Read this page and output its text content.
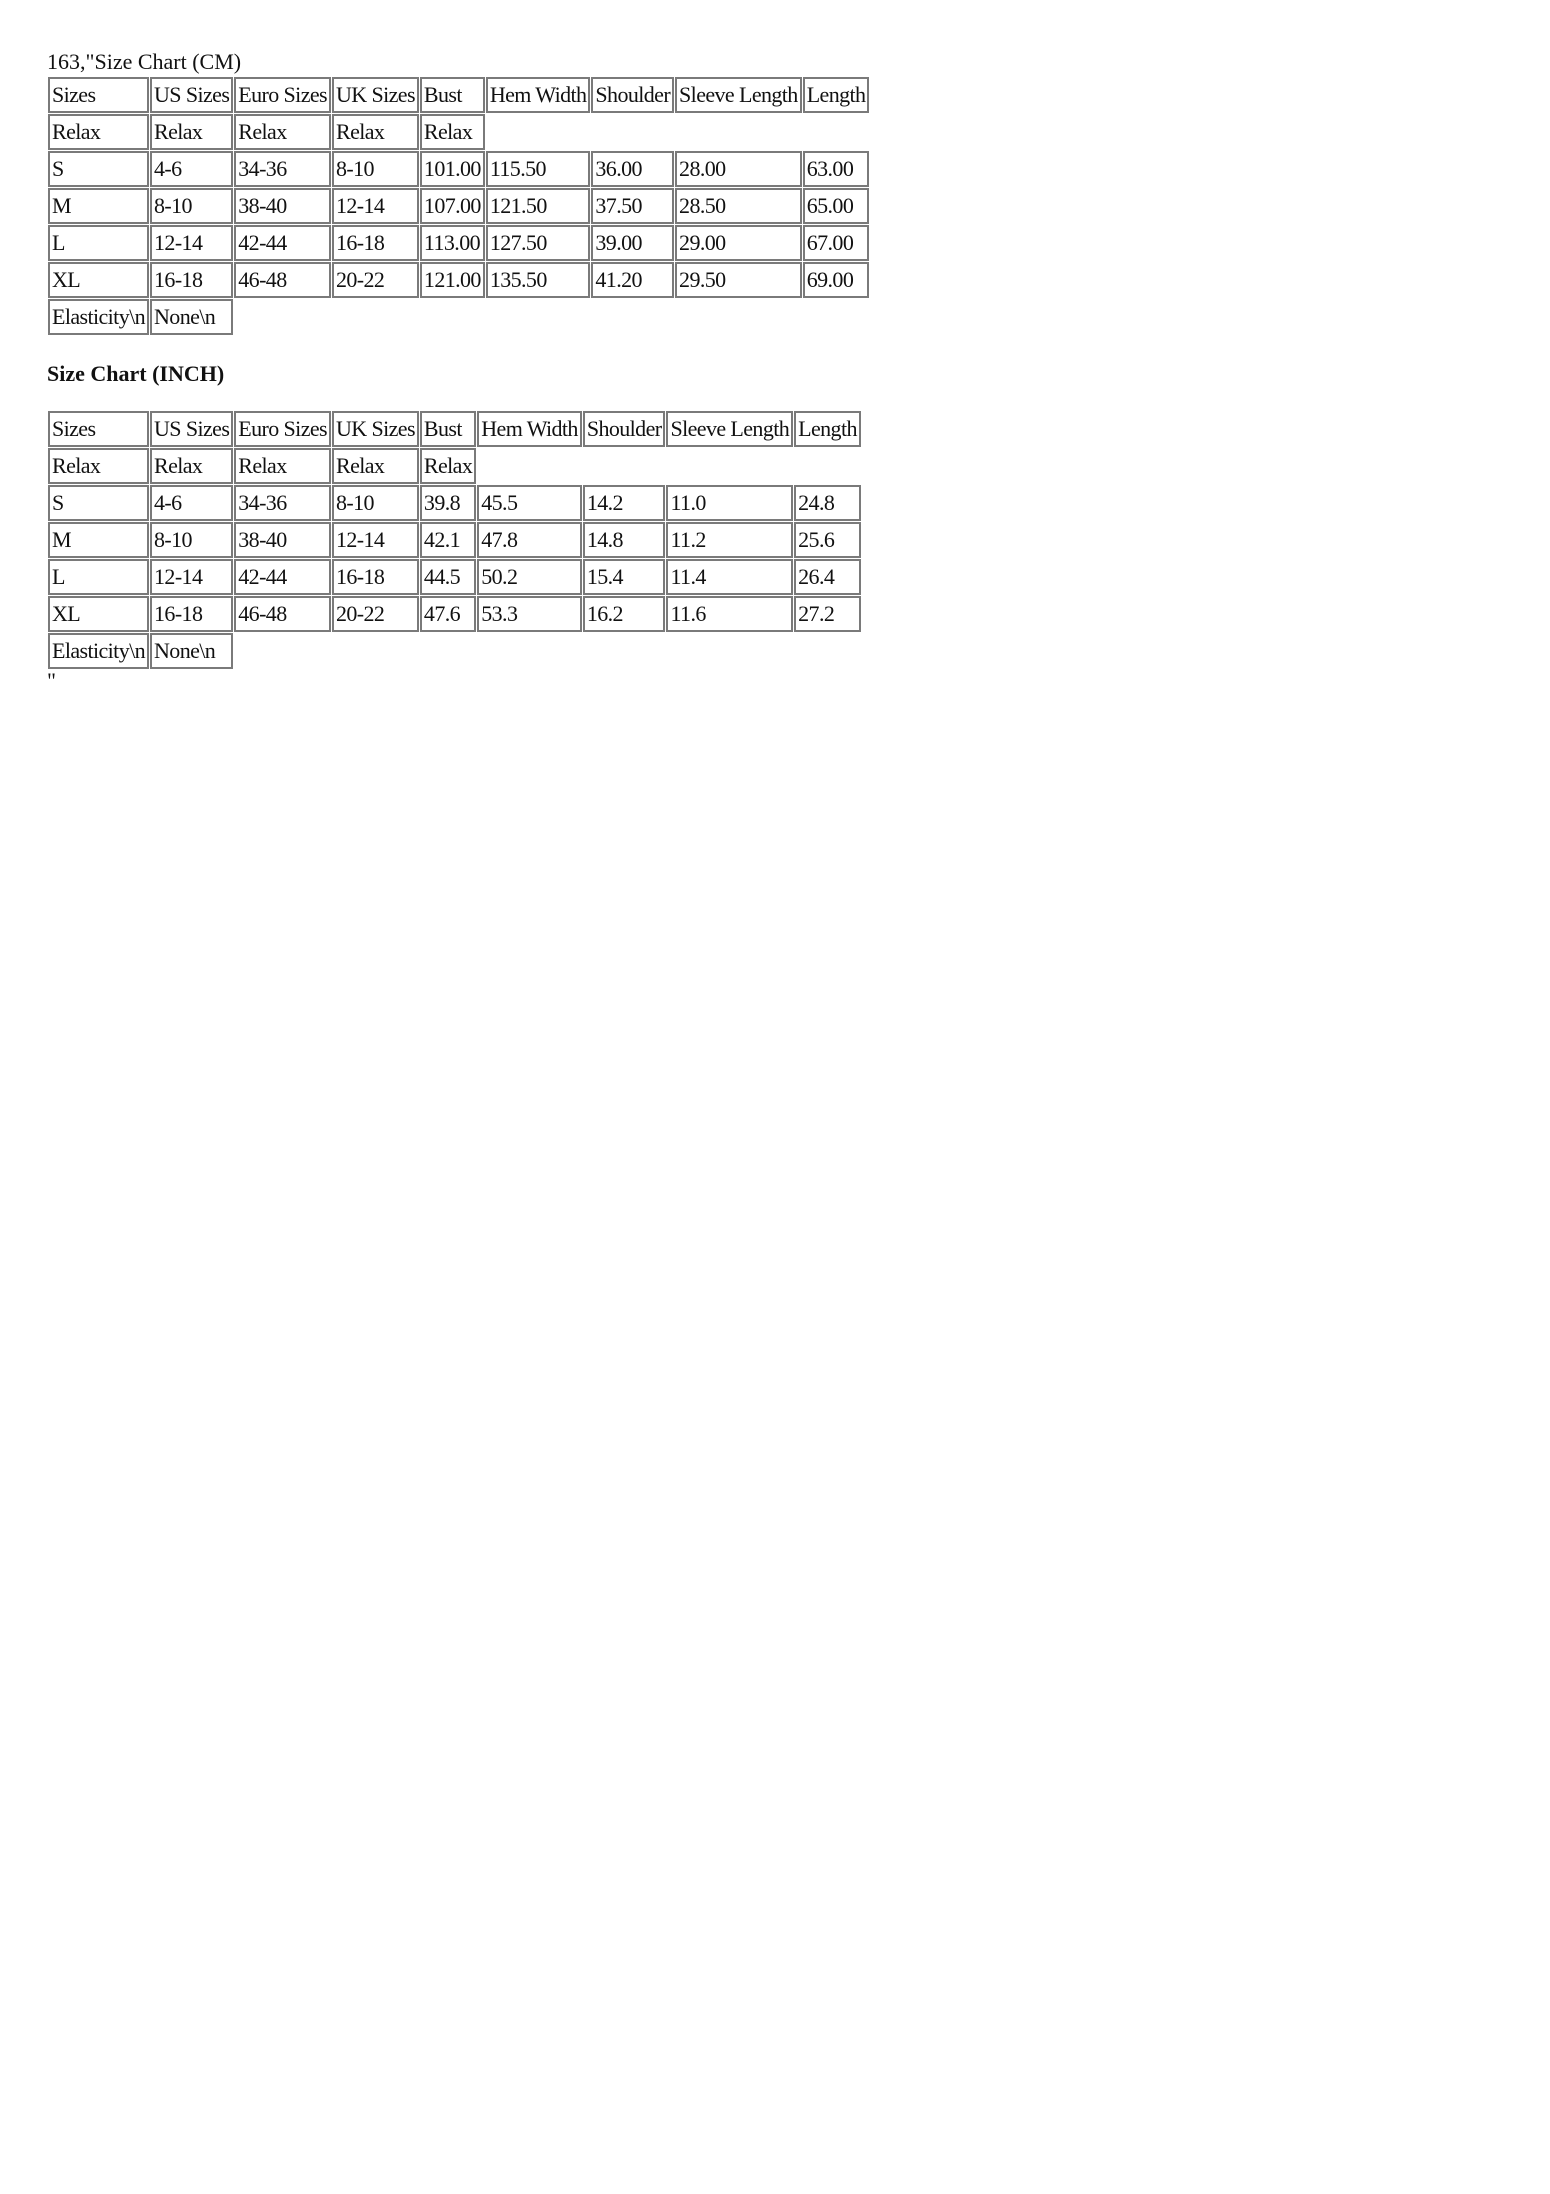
163,"Size Chart (CM)
Sizes	US Sizes	Euro Sizes	UK Sizes	Bust	Hem Width	Shoulder	Sleeve Length	Length
Relax	Relax	Relax	Relax	Relax				
S	4-6	34-36	8-10	101.00	115.50	36.00	28.00	63.00
M	8-10	38-40	12-14	107.00	121.50	37.50	28.50	65.00
L	12-14	42-44	16-18	113.00	127.50	39.00	29.00	67.00
XL	16-18	46-48	20-22	121.00	135.50	41.20	29.50	69.00
Elasticity\n	None\n							
Size Chart (INCH)
Sizes	US Sizes	Euro Sizes	UK Sizes	Bust	Hem Width	Shoulder	Sleeve Length	Length
Relax	Relax	Relax	Relax	Relax				
S	4-6	34-36	8-10	39.8	45.5	14.2	11.0	24.8
M	8-10	38-40	12-14	42.1	47.8	14.8	11.2	25.6
L	12-14	42-44	16-18	44.5	50.2	15.4	11.4	26.4
XL	16-18	46-48	20-22	47.6	53.3	16.2	11.6	27.2
Elasticity\n	None\n							
"
